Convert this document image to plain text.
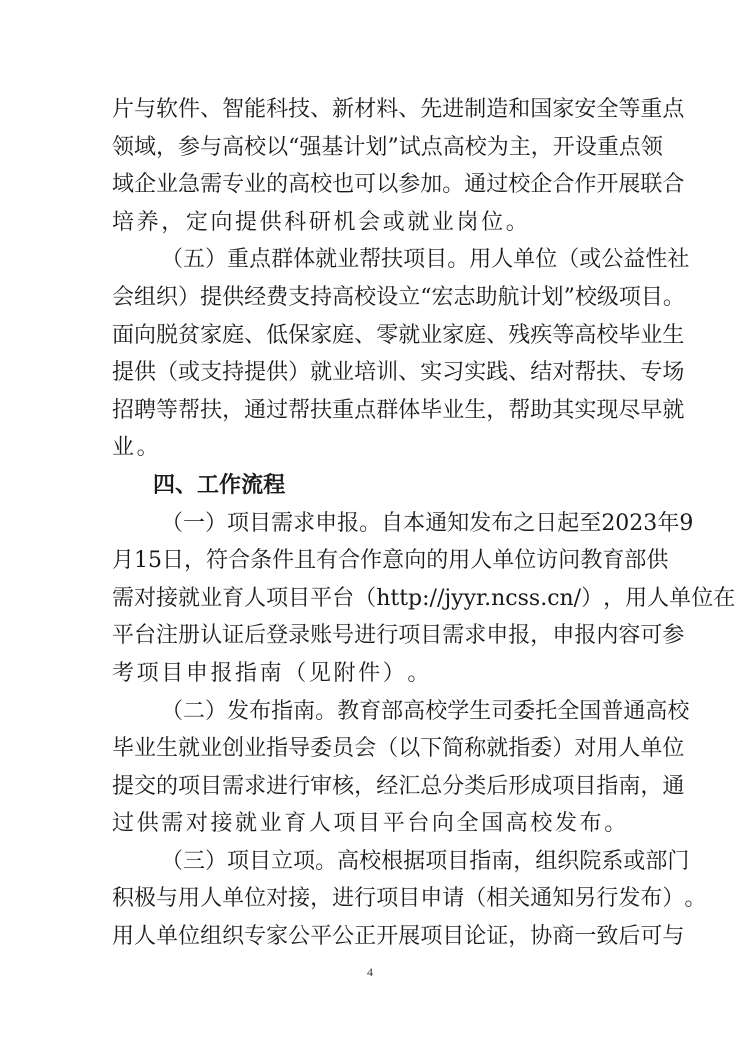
片 与 软 件 、 智 能 科 技 、 新 材 料 、 先 进 制 造 和 国 家 安 全 等 重 点
领 域 ， 参 与 高 校 以 “ 强 基 计 划 ” 试 点 高 校 为 主 ， 开 设 重 点 领
域 企 业 急 需 专 业 的 高 校 也 可 以 参 加 。 通 过 校 企 合 作 开 展 联 合
培 养 ， 定 向 提 供 科 研 机 会 或 就 业 岗 位 。
（ 五 ） 重 点 群 体 就 业 帮 扶 项 目 。 用 人 单 位 （ 或 公 益 性 社
会 组 织 ） 提 供 经 费 支 持 高 校 设 立 “ 宏 志 助 航 计 划 ” 校 级 项 目 。
面 向 脱 贫 家 庭 、 低 保 家 庭 、 零 就 业 家 庭 、 残 疾 等 高 校 毕 业 生
提 供 （ 或 支 持 提 供 ） 就 业 培 训 、 实 习 实 践 、 结 对 帮 扶 、 专 场
招 聘 等 帮 扶 ， 通 过 帮 扶 重 点 群 体 毕 业 生 ， 帮 助 其 实 现 尽 早 就
业 。
四 、 工 作 流 程
（ 一 ） 项 目 需 求 申 报 。 自 本 通 知 发 布 之 日 起 至 2023 年 9
月 15 日 ， 符 合 条 件 且 有 合 作 意 向 的 用 人 单 位 访 问 教 育 部 供
需 对 接 就 业 育 人 项 目 平 台 （ http://jyyr.ncss.cn/ ） ， 用 人 单 位 在
平 台 注 册 认 证 后 登 录 账 号 进 行 项 目 需 求 申 报 ， 申 报 内 容 可 参
考 项 目 申 报 指 南 （ 见 附 件 ） 。
（ 二 ） 发 布 指 南 。 教 育 部 高 校 学 生 司 委 托 全 国 普 通 高 校
毕 业 生 就 业 创 业 指 导 委 员 会 （ 以 下 简 称 就 指 委 ） 对 用 人 单 位
提 交 的 项 目 需 求 进 行 审 核 ， 经 汇 总 分 类 后 形 成 项 目 指 南 ， 通
过 供 需 对 接 就 业 育 人 项 目 平 台 向 全 国 高 校 发 布 。
（ 三 ） 项 目 立 项 。 高 校 根 据 项 目 指 南 ， 组 织 院 系 或 部 门
积 极 与 用 人 单 位 对 接 ， 进 行 项 目 申 请 （ 相 关 通 知 另 行 发 布 ） 。
用 人 单 位 组 织 专 家 公 平 公 正 开 展 项 目 论 证 ， 协 商 一 致 后 可 与
4
